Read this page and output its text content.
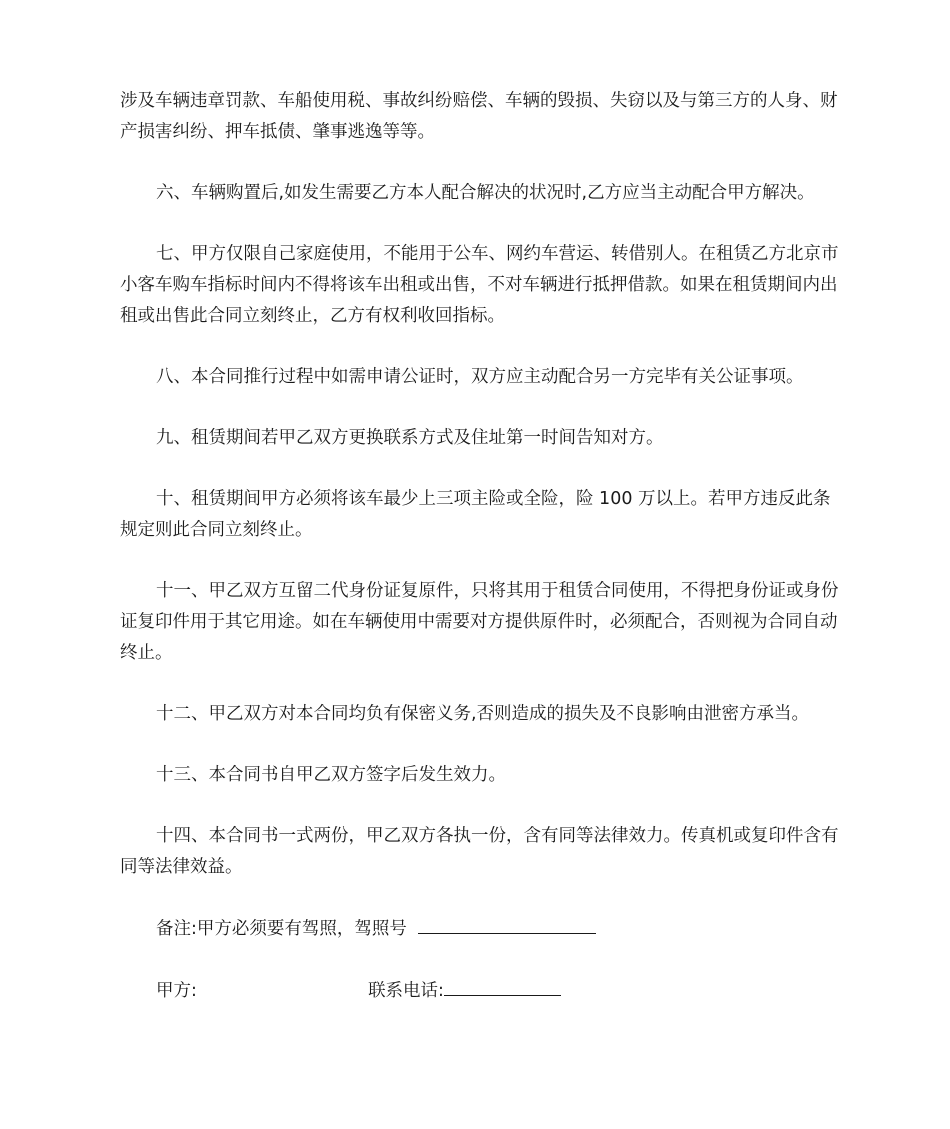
涉及车辆违章罚款、车船使用税、事故纠纷赔偿、车辆的毁损、失窃以及与第三方的人身、财产损害纠纷、押车抵债、肇事逃逸等等。

六、车辆购置后,如发生需要乙方本人配合解决的状况时,乙方应当主动配合甲方解决。

七、甲方仅限自己家庭使用，不能用于公车、网约车营运、转借别人。在租赁乙方北京市小客车购车指标时间内不得将该车出租或出售，不对车辆进行抵押借款。如果在租赁期间内出租或出售此合同立刻终止，乙方有权利收回指标。

八、本合同推行过程中如需申请公证时，双方应主动配合另一方完毕有关公证事项。

九、租赁期间若甲乙双方更换联系方式及住址第一时间告知对方。

十、租赁期间甲方必须将该车最少上三项主险或全险，险 100 万以上。若甲方违反此条规定则此合同立刻终止。

十一、甲乙双方互留二代身份证复原件，只将其用于租赁合同使用，不得把身份证或身份证复印件用于其它用途。如在车辆使用中需要对方提供原件时，必须配合，否则视为合同自动终止。

十二、甲乙双方对本合同均负有保密义务,否则造成的损失及不良影响由泄密方承当。

十三、本合同书自甲乙双方签字后发生效力。

十四、本合同书一式两份，甲乙双方各执一份，含有同等法律效力。传真机或复印件含有同等法律效益。

备注:甲方必须要有驾照，驾照号
甲方:	联系电话:
